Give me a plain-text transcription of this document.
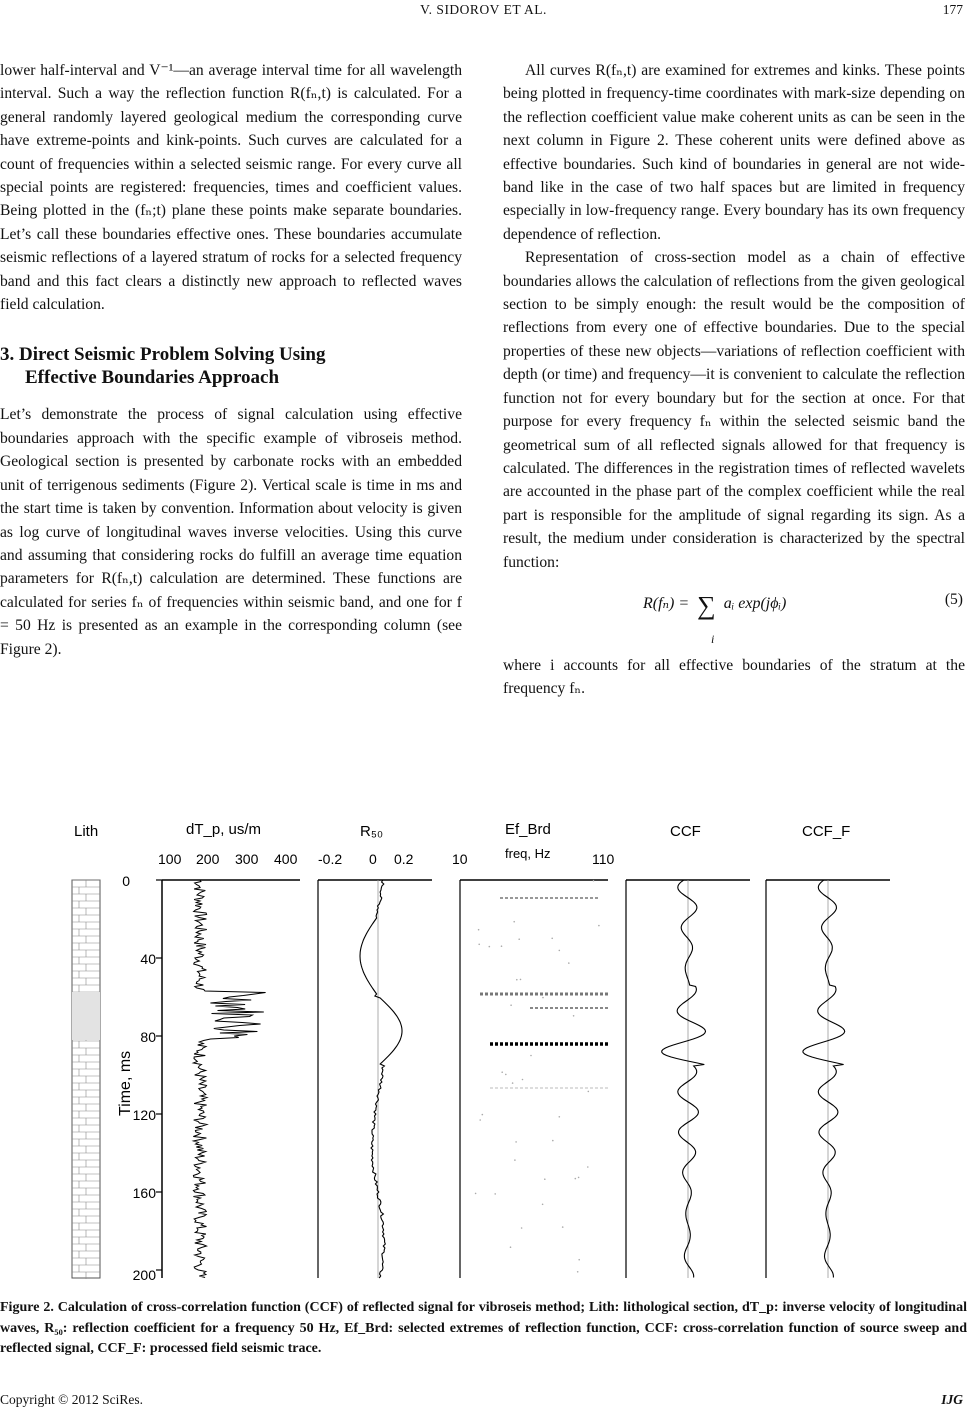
V. SIDOROV ET AL.	177

lower half-interval and V⁻¹—an average interval time for all wavelength interval. Such a way the reflection function R(fₙ,t) is calculated. For a general randomly layered geological medium the corresponding curve have extreme-points and kink-points. Such curves are calculated for a count of frequencies within a selected seismic range. For every curve all special points are registered: frequencies, times and coefficient values. Being plotted in the (fₙ;t) plane these points make separate boundaries. Let’s call these boundaries effective ones. These boundaries accumulate seismic reflections of a layered stratum of rocks for a selected frequency band and this fact clears a distinctly new approach to reflected waves field calculation.

3. Direct Seismic Problem Solving Using
Effective Boundaries Approach

Let’s demonstrate the process of signal calculation using effective boundaries approach with the specific example of vibroseis method. Geological section is presented by carbonate rocks with an embedded unit of terrigenous sediments (Figure 2). Vertical scale is time in ms and the start time is taken by convention. Information about velocity is given as log curve of longitudinal waves inverse velocities. Using this curve and assuming that considering rocks do fulfill an average time equation parameters for R(fₙ,t) calculation are determined. These functions are calculated for series fₙ of frequencies within seismic band, and one for f = 50 Hz is presented as an example in the corresponding column (see Figure 2).

All curves R(fₙ,t) are examined for extremes and kinks. These points being plotted in frequency-time coordinates with mark-size depending on the reflection coefficient value make coherent units as can be seen in the next column in Figure 2. These coherent units were defined above as effective boundaries. Such kind of boundaries in general are not wide-band like in the case of two half spaces but are limited in frequency especially in low-frequency range. Every boundary has its own frequency dependence of reflection.

Representation of cross-section model as a chain of effective boundaries allows the calculation of reflections from the given geological section to be simply enough: the result would be the composition of reflections from every one of effective boundaries. Due to the special properties of these new objects—variations of reflection coefficient with depth (or time) and frequency—it is convenient to calculate the reflection function not for every boundary but for the section at once. For that purpose for every frequency fₙ within the selected seismic band the geometrical sum of all reflected signals allowed for that frequency is calculated. The differences in the registration times of reflected wavelets are accounted in the phase part of the complex coefficient while the real part is responsible for the amplitude of signal regarding its sign. As a result, the medium under consideration is characterized by the spectral function:

R(fₙ) = ∑ aᵢ exp(jϕᵢ)
i
(5)

where i accounts for all effective boundaries of the stratum at the frequency fₙ.

Lith	dT_p, us/m	R₅₀	Ef_Brd
freq, Hz
CCF	CCF_F
100 200 300 400 -0.2 0 0.2	10	110
0
40
80
120
160
200
Time, ms
Figure 2. Calculation of cross-correlation function (CCF) of reflected signal for vibroseis method; Lith: lithological section, dT_p: inverse velocity of longitudinal waves, R₅₀: reflection coefficient for a frequency 50 Hz, Ef_Brd: selected extremes of reflection function, CCF: cross-correlation function of source sweep and reflected signal, CCF_F: processed field seismic trace.
Copyright © 2012 SciRes.	IJG
